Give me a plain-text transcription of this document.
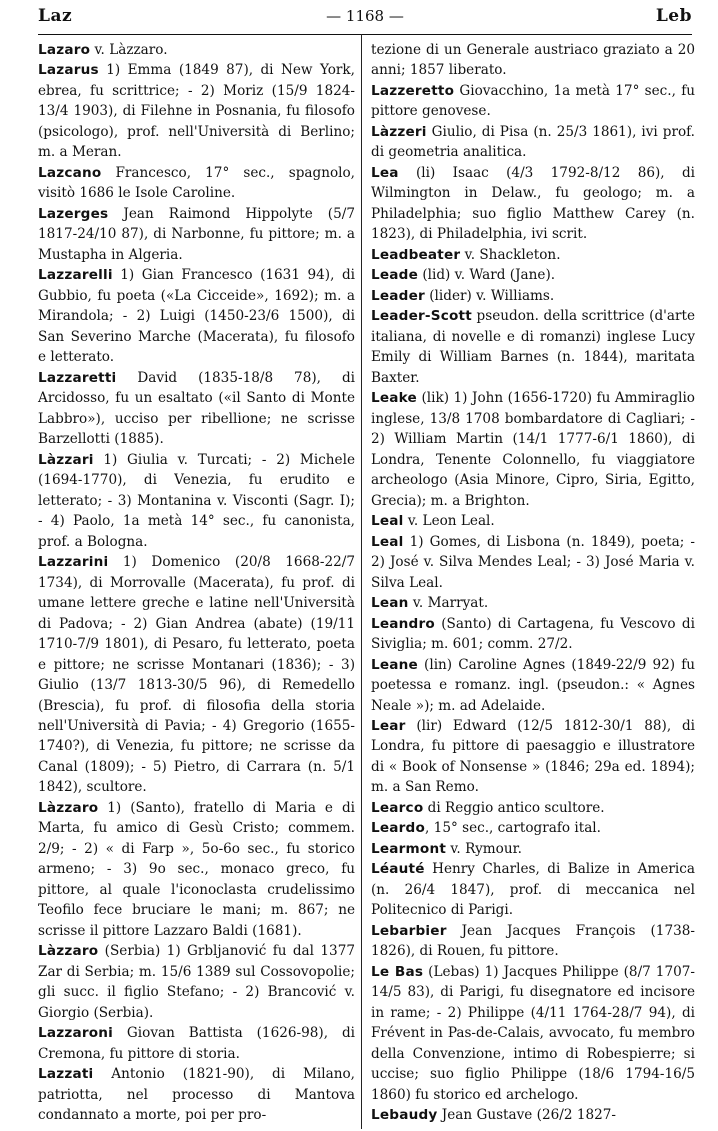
Laz	— 1168 —	Leb

Lazaro v. Làzzaro.

Lazarus 1) Emma (1849 87), di New York, ebrea, fu scrittrice; - 2) Moriz (15/9 1824-13/4 1903), di Filehne in Posnania, fu filosofo (psicologo), prof. nell'Università di Berlino; m. a Meran.

Lazcano Francesco, 17° sec., spagnolo, visitò 1686 le Isole Caroline.

Lazerges Jean Raimond Hippolyte (5/7 1817-24/10 87), di Narbonne, fu pittore; m. a Mustapha in Algeria.

Lazzarelli 1) Gian Francesco (1631 94), di Gubbio, fu poeta («La Cicceide», 1692); m. a Mirandola; - 2) Luigi (1450-23/6 1500), di San Severino Marche (Macerata), fu filosofo e letterato.

Lazzaretti David (1835-18/8 78), di Arcidosso, fu un esaltato («il Santo di Monte Labbro»), ucciso per ribellione; ne scrisse Barzellotti (1885).

Làzzari 1) Giulia v. Turcati; - 2) Michele (1694-1770), di Venezia, fu erudito e letterato; - 3) Montanina v. Visconti (Sagr. I); - 4) Paolo, 1a metà 14° sec., fu canonista, prof. a Bologna.

Lazzarini 1) Domenico (20/8 1668-22/7 1734), di Morrovalle (Macerata), fu prof. di umane lettere greche e latine nell'Università di Padova; - 2) Gian Andrea (abate) (19/11 1710-7/9 1801), di Pesaro, fu letterato, poeta e pittore; ne scrisse Montanari (1836); - 3) Giulio (13/7 1813-30/5 96), di Remedello (Brescia), fu prof. di filosofia della storia nell'Università di Pavia; - 4) Gregorio (1655-1740?), di Venezia, fu pittore; ne scrisse da Canal (1809); - 5) Pietro, di Carrara (n. 5/1 1842), scultore.

Làzzaro 1) (Santo), fratello di Maria e di Marta, fu amico di Gesù Cristo; commem. 2/9; - 2) « di Farp », 5o-6o sec., fu storico armeno; - 3) 9o sec., monaco greco, fu pittore, al quale l'iconoclasta crudelissimo Teofilo fece bruciare le mani; m. 867; ne scrisse il pittore Lazzaro Baldi (1681).

Làzzaro (Serbia) 1) Grbljanović fu dal 1377 Zar di Serbia; m. 15/6 1389 sul Cossovopolie; gli succ. il figlio Stefano; - 2) Brancović v. Giorgio (Serbia).

Lazzaroni Giovan Battista (1626-98), di Cremona, fu pittore di storia.

Lazzati Antonio (1821-90), di Milano, patriotta, nel processo di Mantova condannato a morte, poi per pro-

tezione di un Generale austriaco graziato a 20 anni; 1857 liberato.

Lazzeretto Giovacchino, 1a metà 17° sec., fu pittore genovese.

Làzzeri Giulio, di Pisa (n. 25/3 1861), ivi prof. di geometria analitica.

Lea (li) Isaac (4/3 1792-8/12 86), di Wilmington in Delaw., fu geologo; m. a Philadelphia; suo figlio Matthew Carey (n. 1823), di Philadelphia, ivi scrit.

Leadbeater v. Shackleton.

Leade (lid) v. Ward (Jane).

Leader (lider) v. Williams.

Leader-Scott pseudon. della scrittrice (d'arte italiana, di novelle e di romanzi) inglese Lucy Emily di William Barnes (n. 1844), maritata Baxter.

Leake (lik) 1) John (1656-1720) fu Ammiraglio inglese, 13/8 1708 bombardatore di Cagliari; - 2) William Martin (14/1 1777-6/1 1860), di Londra, Tenente Colonnello, fu viaggiatore archeologo (Asia Minore, Cipro, Siria, Egitto, Grecia); m. a Brighton.

Leal v. Leon Leal.

Leal 1) Gomes, di Lisbona (n. 1849), poeta; - 2) José v. Silva Mendes Leal; - 3) José Maria v. Silva Leal.

Lean v. Marryat.

Leandro (Santo) di Cartagena, fu Vescovo di Siviglia; m. 601; comm. 27/2.

Leane (lin) Caroline Agnes (1849-22/9 92) fu poetessa e romanz. ingl. (pseudon.: « Agnes Neale »); m. ad Adelaide.

Lear (lir) Edward (12/5 1812-30/1 88), di Londra, fu pittore di paesaggio e illustratore di « Book of Nonsense » (1846; 29a ed. 1894); m. a San Remo.

Learco di Reggio antico scultore.

Leardo, 15° sec., cartografo ital.

Learmont v. Rymour.

Léauté Henry Charles, di Balize in America (n. 26/4 1847), prof. di meccanica nel Politecnico di Parigi.

Lebarbier Jean Jacques François (1738-1826), di Rouen, fu pittore.

Le Bas (Lebas) 1) Jacques Philippe (8/7 1707-14/5 83), di Parigi, fu disegnatore ed incisore in rame; - 2) Philippe (4/11 1764-28/7 94), di Frévent in Pas-de-Calais, avvocato, fu membro della Convenzione, intimo di Robespierre; si uccise; suo figlio Philippe (18/6 1794-16/5 1860) fu storico ed archelogo.

Lebaudy Jean Gustave (26/2 1827-
